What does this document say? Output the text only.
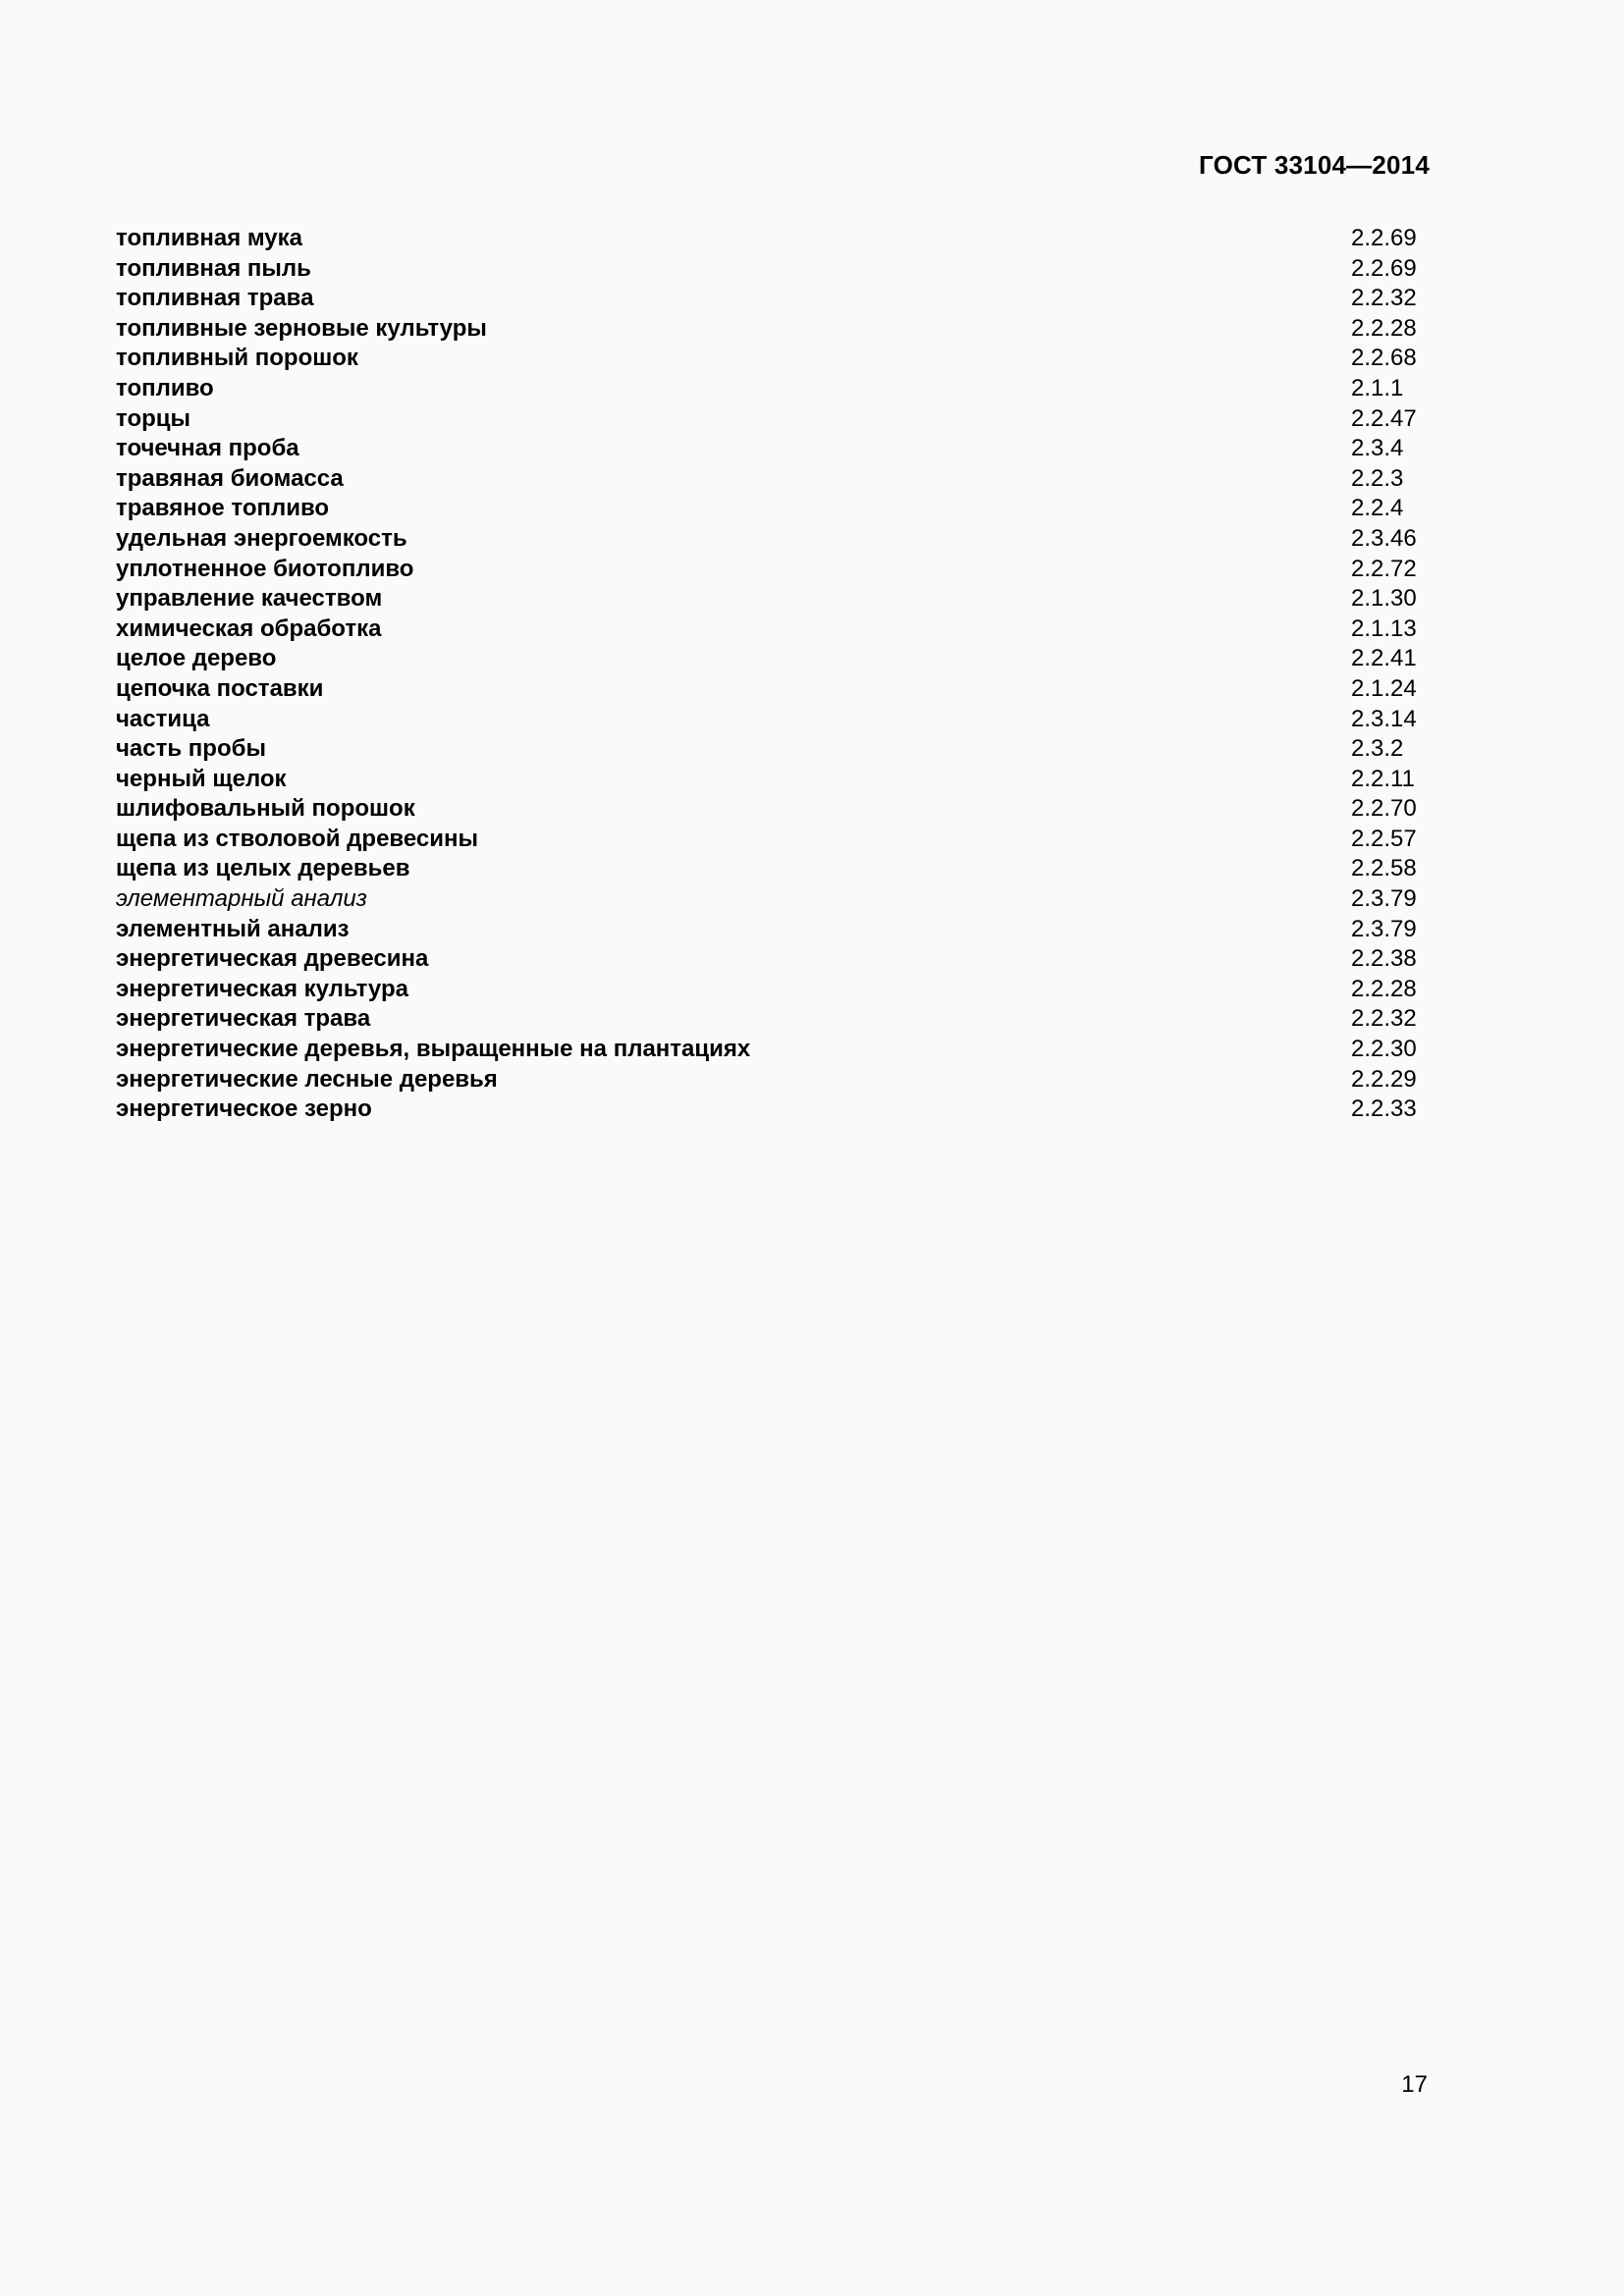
ГОСТ 33104—2014
топливная мука	2.2.69
топливная пыль	2.2.69
топливная трава	2.2.32
топливные зерновые культуры	2.2.28
топливный порошок	2.2.68
топливо	2.1.1
торцы	2.2.47
точечная проба	2.3.4
травяная биомасса	2.2.3
травяное топливо	2.2.4
удельная энергоемкость	2.3.46
уплотненное биотопливо	2.2.72
управление качеством	2.1.30
химическая обработка	2.1.13
целое дерево	2.2.41
цепочка поставки	2.1.24
частица	2.3.14
часть пробы	2.3.2
черный щелок	2.2.11
шлифовальный порошок	2.2.70
щепа из стволовой древесины	2.2.57
щепа из целых деревьев	2.2.58
элементарный анализ	2.3.79
элементный анализ	2.3.79
энергетическая древесина	2.2.38
энергетическая культура	2.2.28
энергетическая трава	2.2.32
энергетические деревья, выращенные на плантациях	2.2.30
энергетические лесные деревья	2.2.29
энергетическое зерно	2.2.33
17
